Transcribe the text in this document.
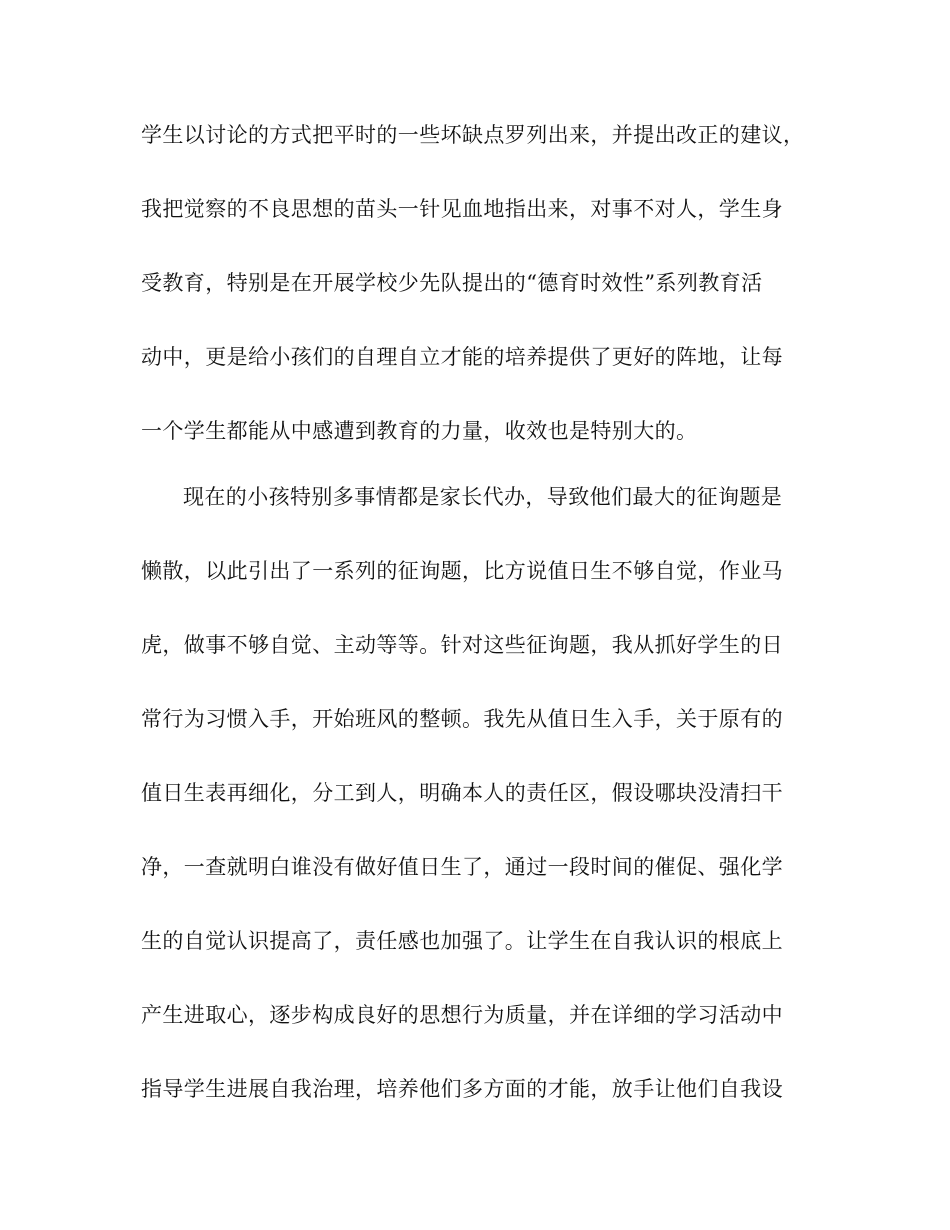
学生以讨论的方式把平时的一些坏缺点罗列出来，并提出改正的建议，
我把觉察的不良思想的苗头一针见血地指出来，对事不对人，学生身
受教育，特别是在开展学校少先队提出的“德育时效性”系列教育活
动中，更是给小孩们的自理自立才能的培养提供了更好的阵地，让每
一个学生都能从中感遭到教育的力量，收效也是特别大的。
现在的小孩特别多事情都是家长代办，导致他们最大的征询题是
懒散，以此引出了一系列的征询题，比方说值日生不够自觉，作业马
虎，做事不够自觉、主动等等。针对这些征询题，我从抓好学生的日
常行为习惯入手，开始班风的整顿。我先从值日生入手，关于原有的
值日生表再细化，分工到人，明确本人的责任区，假设哪块没清扫干
净，一查就明白谁没有做好值日生了，通过一段时间的催促、强化学
生的自觉认识提高了，责任感也加强了。让学生在自我认识的根底上
产生进取心，逐步构成良好的思想行为质量，并在详细的学习活动中
指导学生进展自我治理，培养他们多方面的才能，放手让他们自我设
